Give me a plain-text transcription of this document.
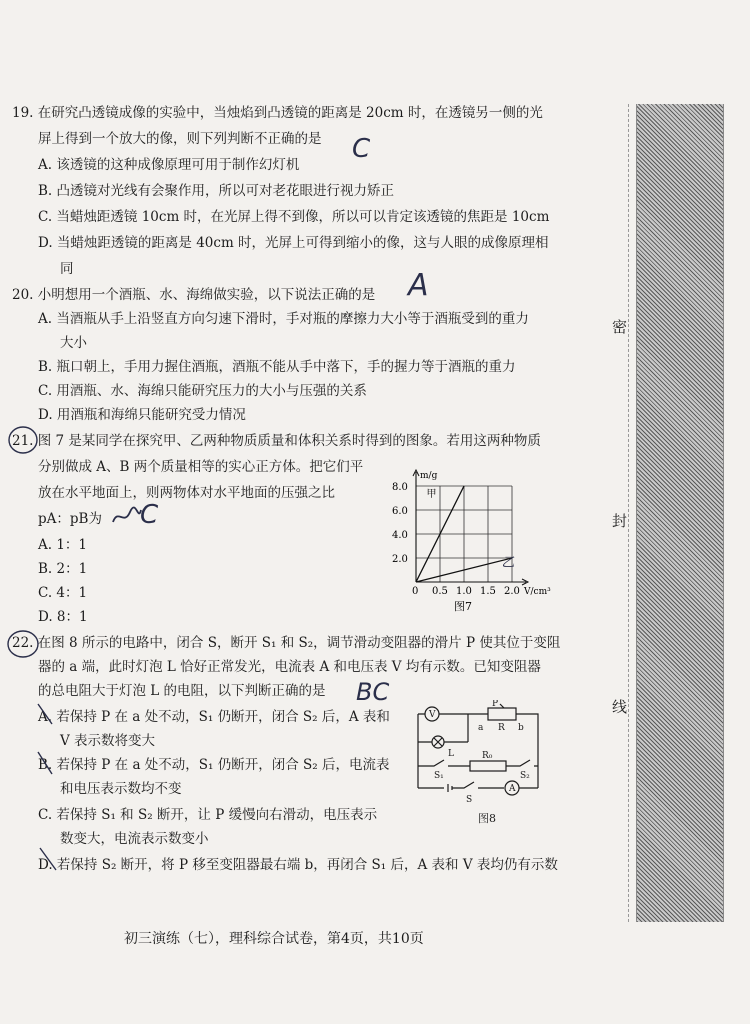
19. 在研究凸透镜成像的实验中，当烛焰到凸透镜的距离是 20cm 时，在透镜另一侧的光
屏上得到一个放大的像，则下列判断不正确的是
A. 该透镜的这种成像原理可用于制作幻灯机
B. 凸透镜对光线有会聚作用，所以可对老花眼进行视力矫正
C. 当蜡烛距透镜 10cm 时，在光屏上得不到像，所以可以肯定该透镜的焦距是 10cm
D. 当蜡烛距透镜的距离是 40cm 时，光屏上可得到缩小的像，这与人眼的成像原理相
同
C
20. 小明想用一个酒瓶、水、海绵做实验，以下说法正确的是
A. 当酒瓶从手上沿竖直方向匀速下滑时，手对瓶的摩擦力大小等于酒瓶受到的重力
大小
B. 瓶口朝上，手用力握住酒瓶，酒瓶不能从手中落下，手的握力等于酒瓶的重力
C. 用酒瓶、水、海绵只能研究压力的大小与压强的关系
D. 用酒瓶和海绵只能研究受力情况
A
21. 图 7 是某同学在探究甲、乙两种物质质量和体积关系时得到的图象。若用这两种物质
分别做成 A、B 两个质量相等的实心正方体。把它们平
放在水平地面上，则两物体对水平地面的压强之比
pA：pB为
A. 1：1
B. 2：1
C. 4：1
D. 8：1
C
22. 在图 8 所示的电路中，闭合 S，断开 S₁ 和 S₂，调节滑动变阻器的滑片 P 使其位于变阻
器的 a 端，此时灯泡 L 恰好正常发光，电流表 A 和电压表 V 均有示数。已知变阻器
的总电阻大于灯泡 L 的电阻，以下判断正确的是
A. 若保持 P 在 a 处不动，S₁ 仍断开，闭合 S₂ 后，A 表和
V 表示数将变大
B. 若保持 P 在 a 处不动，S₁ 仍断开，闭合 S₂ 后，电流表
和电压表示数均不变
C. 若保持 S₁ 和 S₂ 断开，让 P 缓慢向右滑动，电压表示
数变大，电流表示数变小
D. 若保持 S₂ 断开，将 P 移至变阻器最右端 b，再闭合 S₁ 后，A 表和 V 表均仍有示数
BC
0.5 1.0 1.5 2.0
2.0
4.0
6.0
8.0
0
m/g
V/cm³
甲
乙
图7
V
P
a R b
L
S₁
R₀
S₂
S
A
图8
密
封
线
初三演练（七），理科综合试卷，第4页，共10页
